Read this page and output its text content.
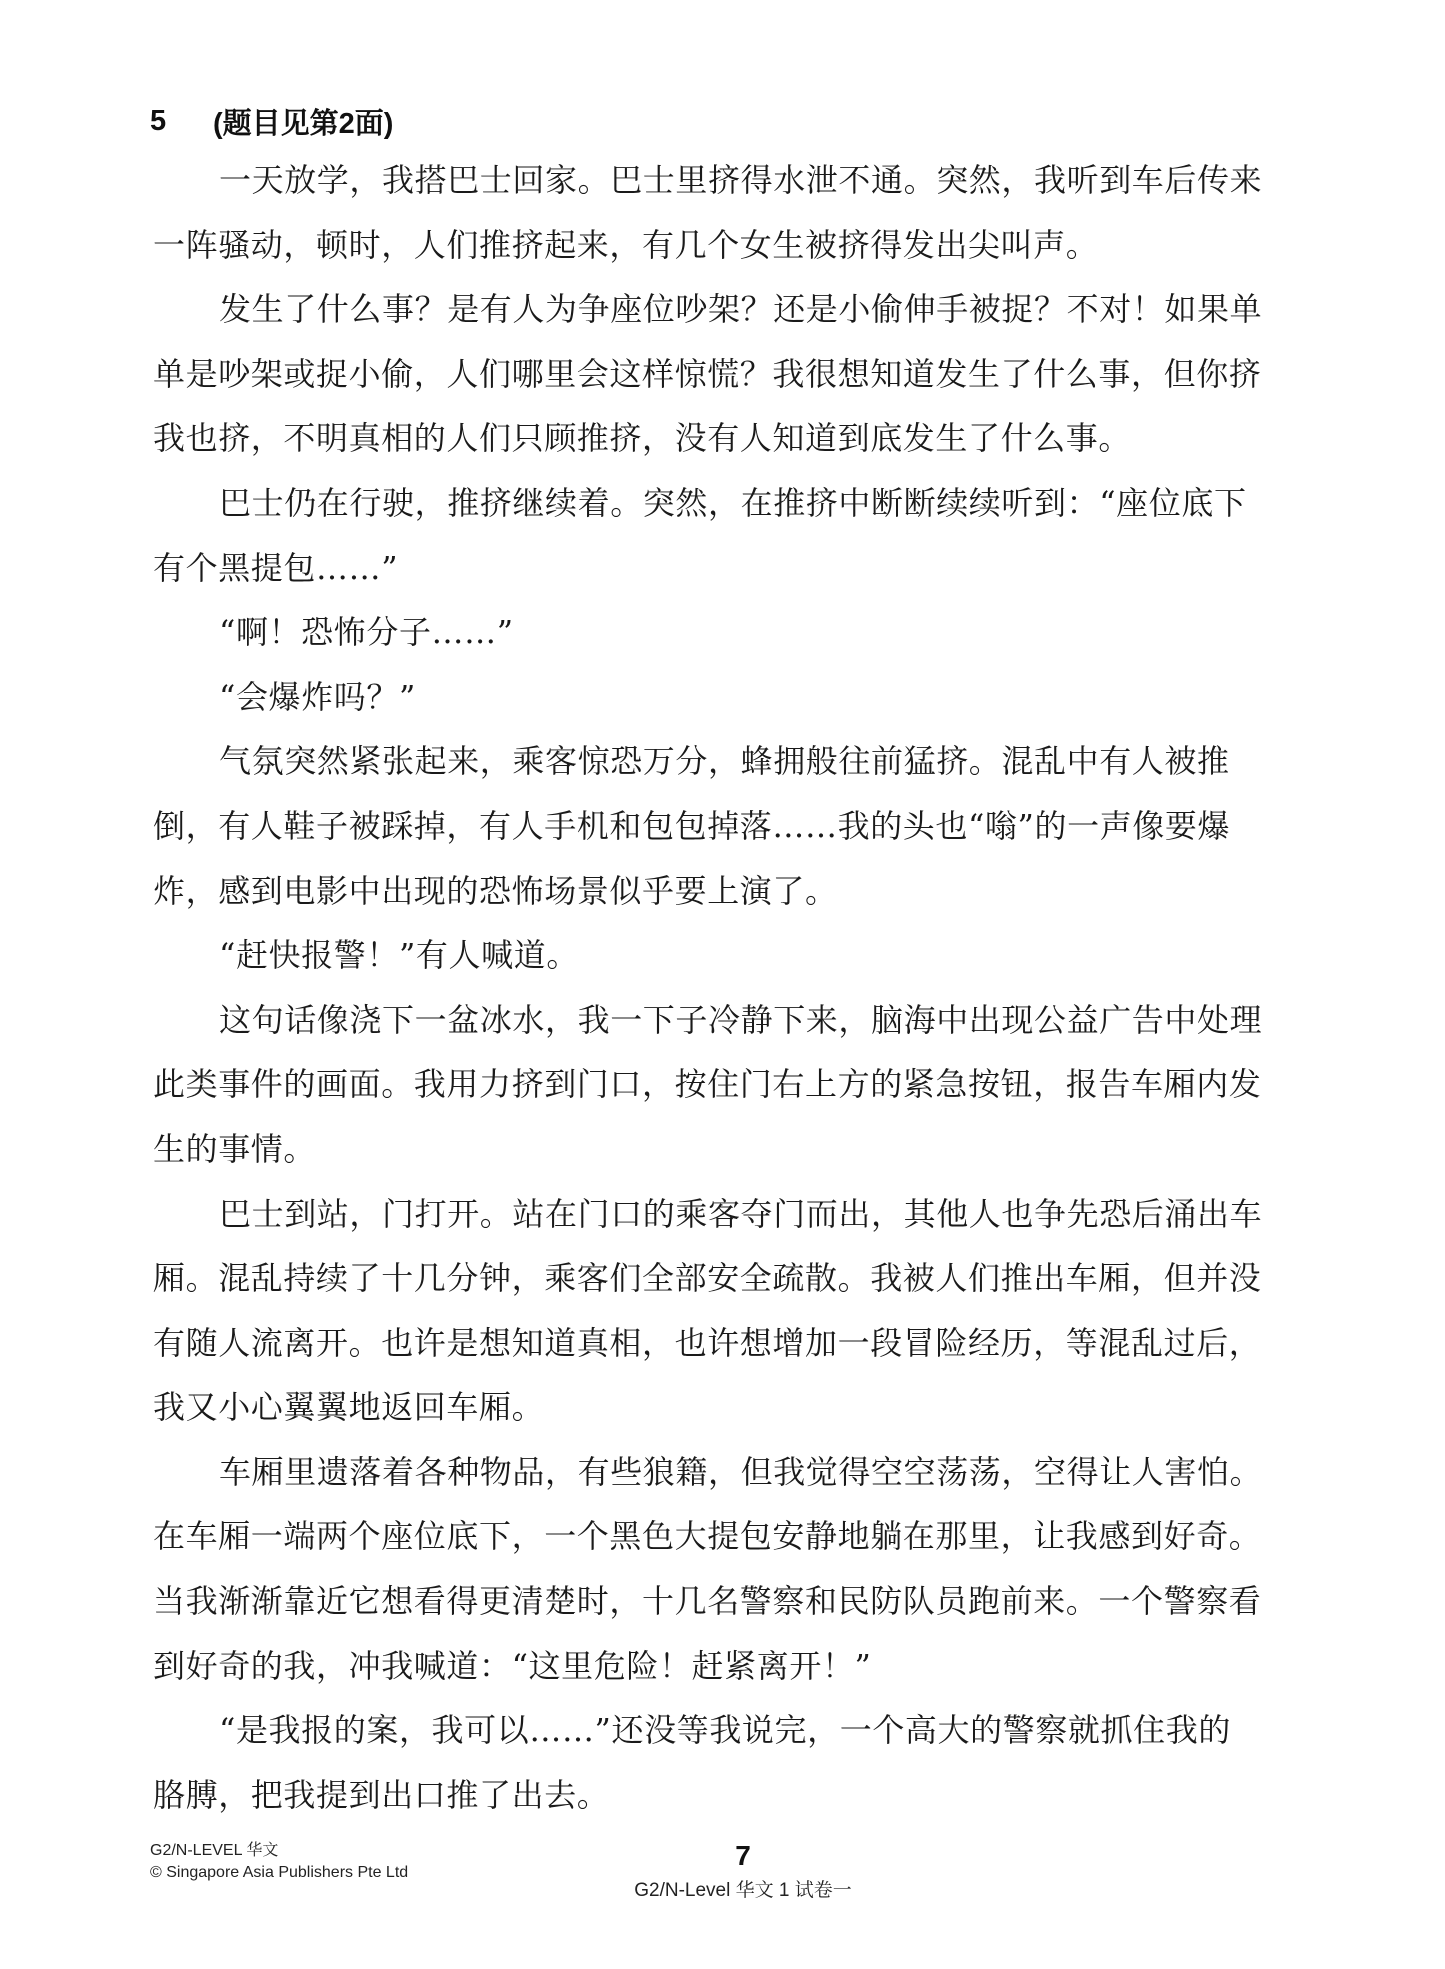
5	(题目见第2面)
一天放学，我搭巴士回家。巴士里挤得水泄不通。突然，我听到车后传来
一阵骚动，顿时，人们推挤起来，有几个女生被挤得发出尖叫声。
发生了什么事？是有人为争座位吵架？还是小偷伸手被捉？不对！如果单
单是吵架或捉小偷，人们哪里会这样惊慌？我很想知道发生了什么事，但你挤
我也挤，不明真相的人们只顾推挤，没有人知道到底发生了什么事。
巴士仍在行驶，推挤继续着。突然，在推挤中断断续续听到：“座位底下
有个黑提包……”
“啊！恐怖分子……”
“会爆炸吗？”
气氛突然紧张起来，乘客惊恐万分，蜂拥般往前猛挤。混乱中有人被推
倒，有人鞋子被踩掉，有人手机和包包掉落……我的头也“嗡”的一声像要爆
炸，感到电影中出现的恐怖场景似乎要上演了。
“赶快报警！”有人喊道。
这句话像浇下一盆冰水，我一下子冷静下来，脑海中出现公益广告中处理
此类事件的画面。我用力挤到门口，按住门右上方的紧急按钮，报告车厢内发
生的事情。
巴士到站，门打开。站在门口的乘客夺门而出，其他人也争先恐后涌出车
厢。混乱持续了十几分钟，乘客们全部安全疏散。我被人们推出车厢，但并没
有随人流离开。也许是想知道真相，也许想增加一段冒险经历，等混乱过后，
我又小心翼翼地返回车厢。
车厢里遗落着各种物品，有些狼籍，但我觉得空空荡荡，空得让人害怕。
在车厢一端两个座位底下，一个黑色大提包安静地躺在那里，让我感到好奇。
当我渐渐靠近它想看得更清楚时，十几名警察和民防队员跑前来。一个警察看
到好奇的我，冲我喊道：“这里危险！赶紧离开！”
“是我报的案，我可以……”还没等我说完，一个高大的警察就抓住我的
胳膊，把我提到出口推了出去。
G2/N-LEVEL 华文
© Singapore Asia Publishers Pte Ltd
7
G2/N-Level 华文 1 试卷一
